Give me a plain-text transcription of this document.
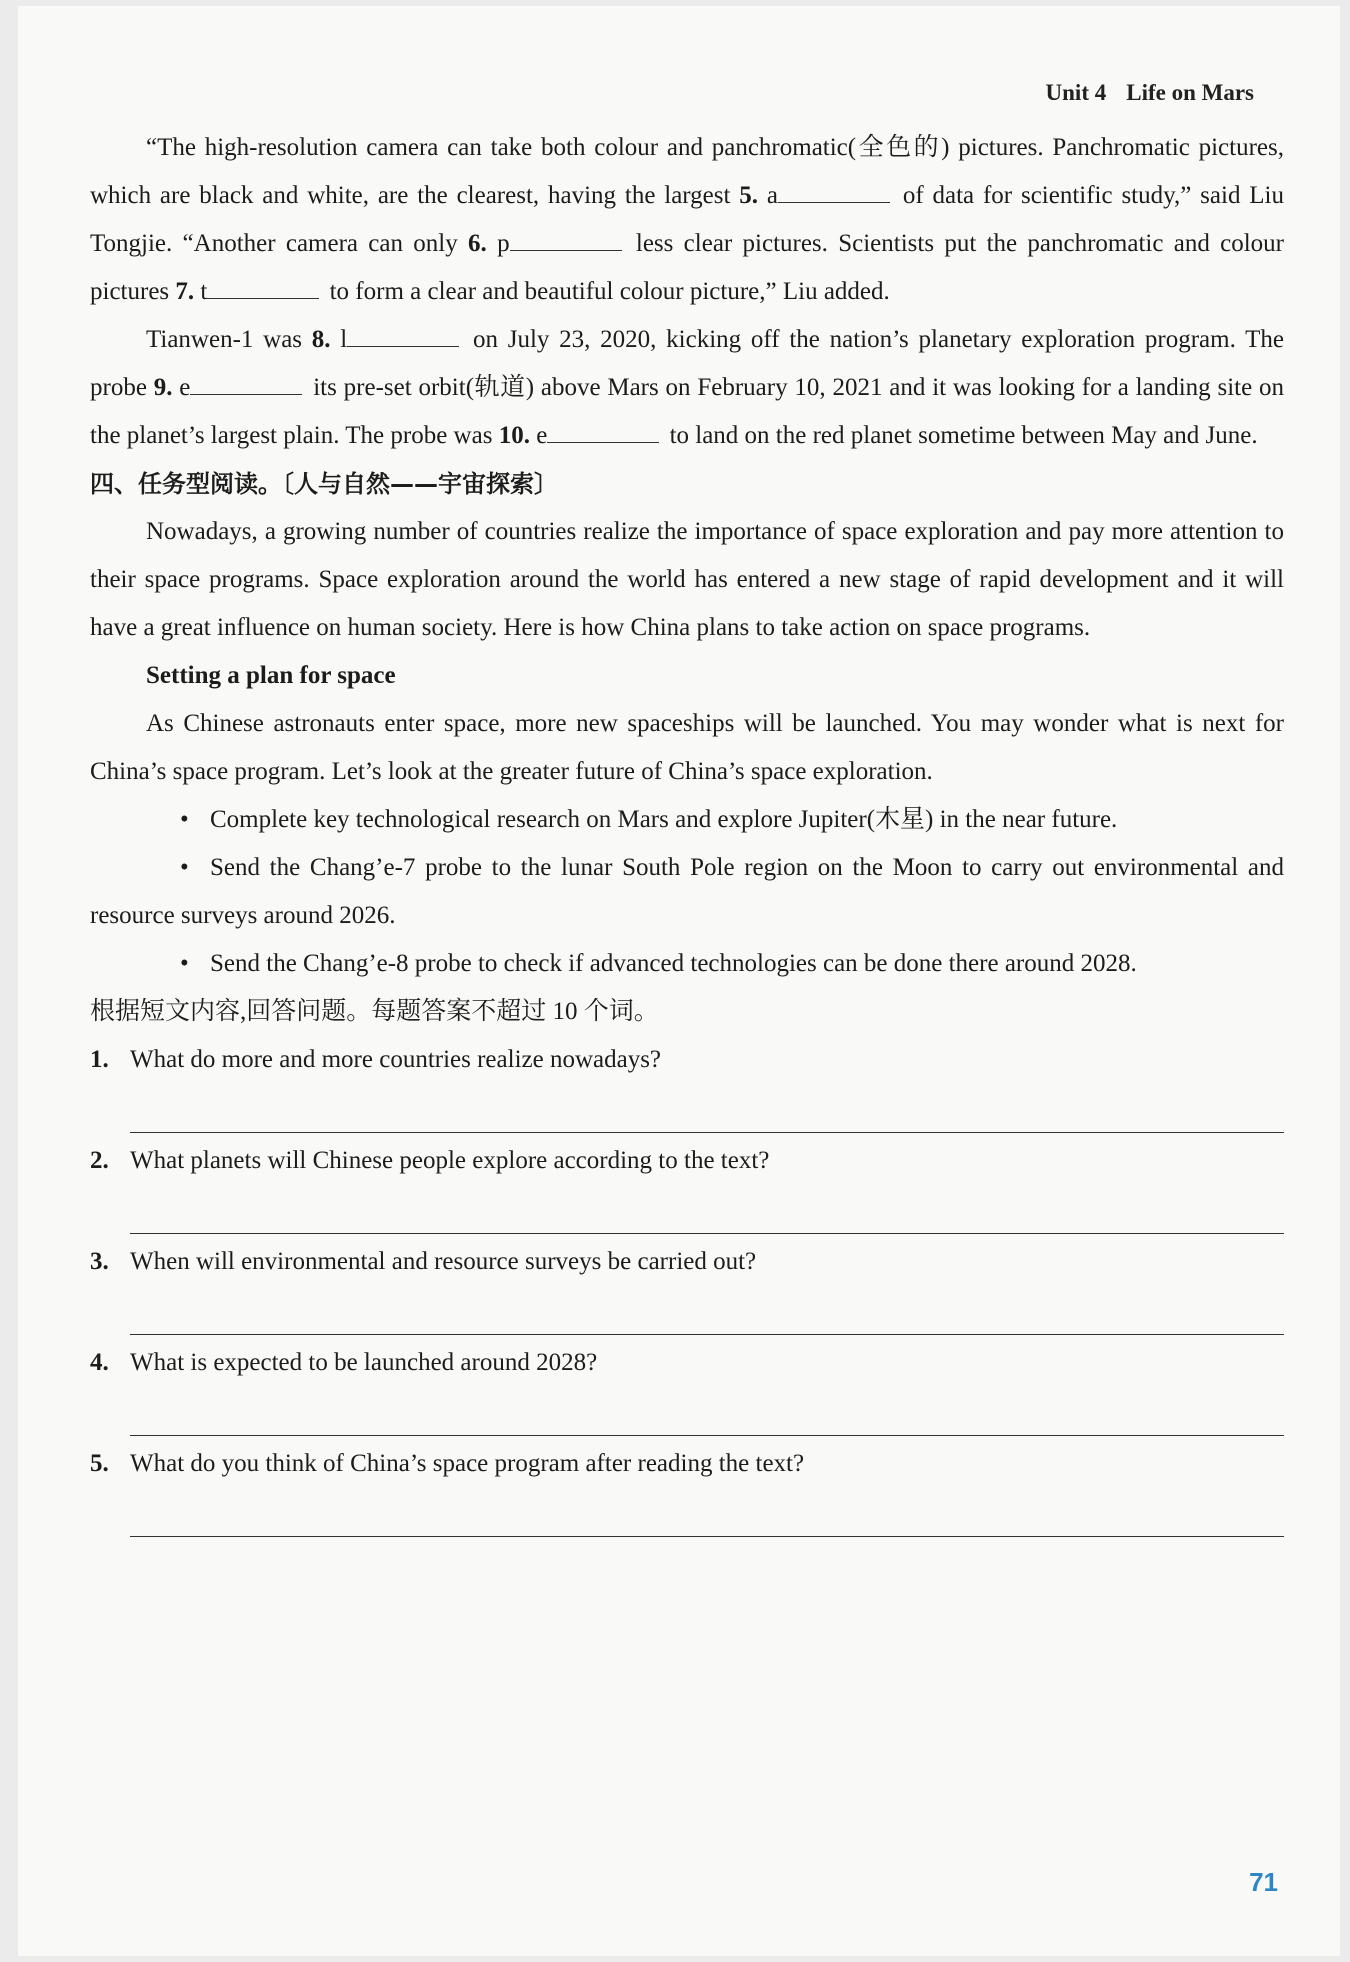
Unit 4 Life on Mars

“The high-resolution camera can take both colour and panchromatic(全色的) pictures. Panchromatic pictures, which are black and white, are the clearest, having the largest 5. a	of data for scientific study,” said Liu Tongjie. “Another camera can only 6. p	less clear pictures. Scientists put the panchromatic and colour pictures 7. t	to form a clear and beautiful colour picture,” Liu added.

Tianwen-1 was 8. l	on July 23, 2020, kicking off the nation’s planetary exploration program. The probe 9. e	its pre-set orbit(轨道) above Mars on February 10, 2021 and it was looking for a landing site on the planet’s largest plain. The probe was 10. e	to land on the red planet sometime between May and June.

四、任务型阅读。〔人与自然——宇宙探索〕

Nowadays, a growing number of countries realize the importance of space exploration and pay more attention to their space programs. Space exploration around the world has entered a new stage of rapid development and it will have a great influence on human society. Here is how China plans to take action on space programs.

Setting a plan for space

As Chinese astronauts enter space, more new spaceships will be launched. You may wonder what is next for China’s space program. Let’s look at the greater future of China’s space exploration.

• Complete key technological research on Mars and explore Jupiter(木星) in the near future.

• Send the Chang’e-7 probe to the lunar South Pole region on the Moon to carry out environmental and resource surveys around 2026.

• Send the Chang’e-8 probe to check if advanced technologies can be done there around 2028.

根据短文内容,回答问题。每题答案不超过 10 个词。

1. What do more and more countries realize nowadays?

2. What planets will Chinese people explore according to the text?

3. When will environmental and resource surveys be carried out?

4. What is expected to be launched around 2028?

5. What do you think of China’s space program after reading the text?

71
